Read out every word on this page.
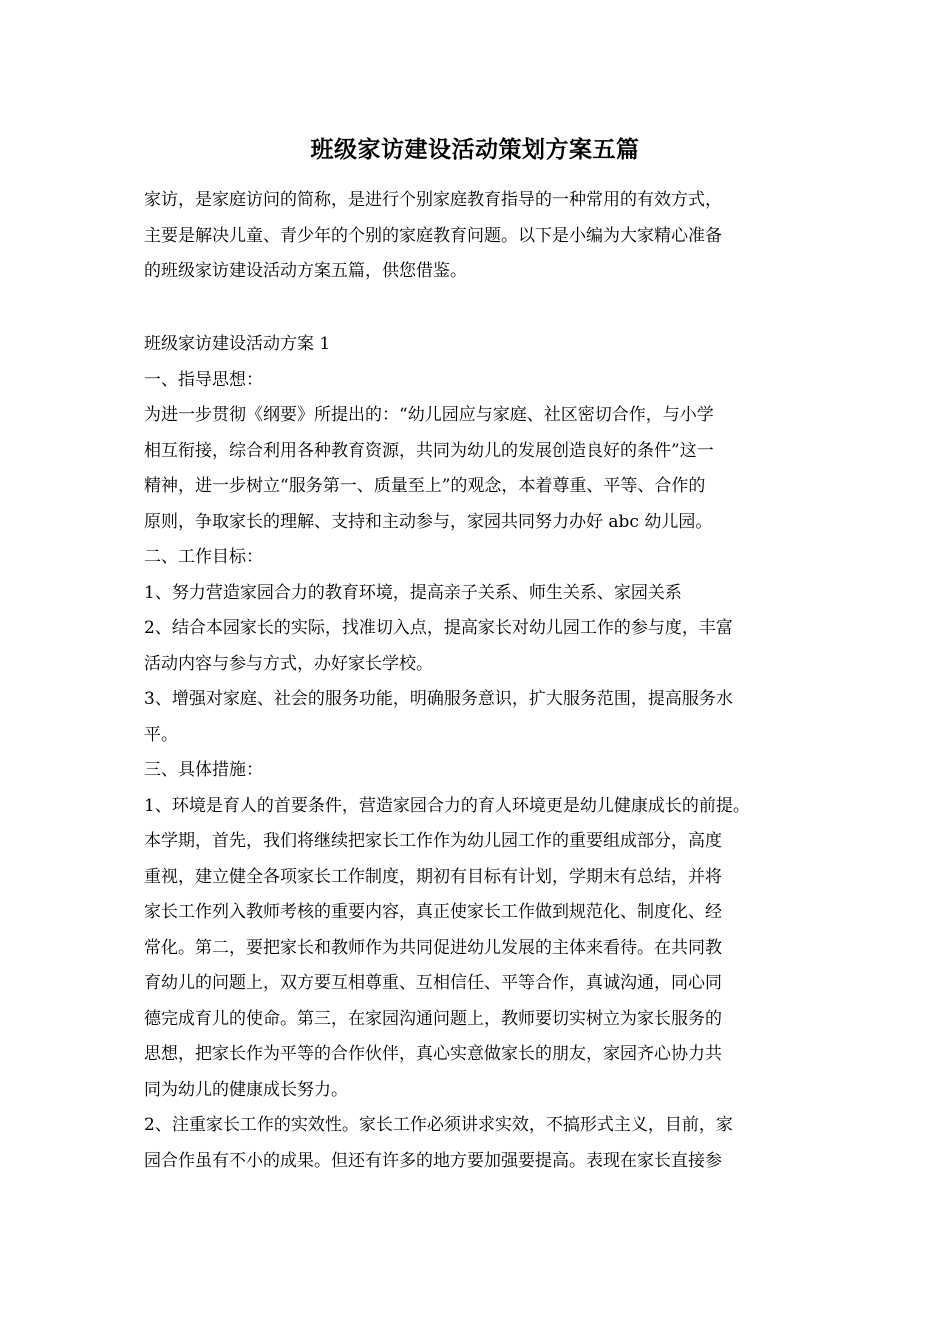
班级家访建设活动策划方案五篇
家访，是家庭访问的简称，是进行个别家庭教育指导的一种常用的有效方式，
主要是解决儿童、青少年的个别的家庭教育问题。以下是小编为大家精心准备
的班级家访建设活动方案五篇，供您借鉴。
班级家访建设活动方案 1
一、指导思想：
为进一步贯彻《纲要》所提出的：“幼儿园应与家庭、社区密切合作，与小学
相互衔接，综合利用各种教育资源，共同为幼儿的发展创造良好的条件”这一
精神，进一步树立“服务第一、质量至上”的观念，本着尊重、平等、合作的
原则，争取家长的理解、支持和主动参与，家园共同努力办好 abc 幼儿园。
二、工作目标：
1、努力营造家园合力的教育环境，提高亲子关系、师生关系、家园关系
2、结合本园家长的实际，找准切入点，提高家长对幼儿园工作的参与度，丰富
活动内容与参与方式，办好家长学校。
3、增强对家庭、社会的服务功能，明确服务意识，扩大服务范围，提高服务水
平。
三、具体措施：
1、环境是育人的首要条件，营造家园合力的育人环境更是幼儿健康成长的前提。
本学期，首先，我们将继续把家长工作作为幼儿园工作的重要组成部分，高度
重视，建立健全各项家长工作制度，期初有目标有计划，学期末有总结，并将
家长工作列入教师考核的重要内容，真正使家长工作做到规范化、制度化、经
常化。第二，要把家长和教师作为共同促进幼儿发展的主体来看待。在共同教
育幼儿的问题上，双方要互相尊重、互相信任、平等合作，真诚沟通，同心同
德完成育儿的使命。第三，在家园沟通问题上，教师要切实树立为家长服务的
思想，把家长作为平等的合作伙伴，真心实意做家长的朋友，家园齐心协力共
同为幼儿的健康成长努力。
2、注重家长工作的实效性。家长工作必须讲求实效，不搞形式主义，目前，家
园合作虽有不小的成果。但还有许多的地方要加强要提高。表现在家长直接参
